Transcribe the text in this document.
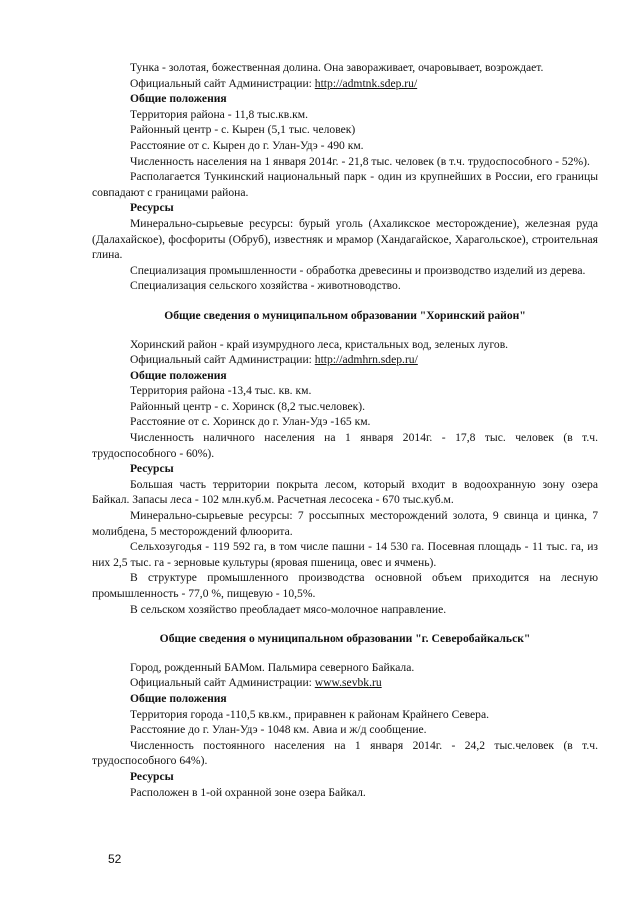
Тунка - золотая, божественная долина. Она завораживает, очаровывает, возрождает.

Официальный сайт Администрации: http://admtnk.sdep.ru/

Общие положения

Территория района - 11,8 тыс.кв.км.

Районный центр - с. Кырен (5,1 тыс. человек)

Расстояние от с. Кырен до г. Улан-Удэ - 490 км.

Численность населения на 1 января 2014г. - 21,8 тыс. человек (в т.ч. трудоспособного - 52%).

Располагается Тункинский национальный парк - один из крупнейших в России, его границы совпадают с границами района.

Ресурсы

Минерально-сырьевые ресурсы: бурый уголь (Ахаликское месторождение), железная руда (Далахайское), фосфориты (Обруб), известняк и мрамор (Хандагайское, Харагольское), строительная глина.

Специализация промышленности - обработка древесины и производство изделий из дерева.

Специализация сельского хозяйства - животноводство.

Общие сведения о муниципальном образовании "Хоринский район"

Хоринский район - край изумрудного леса, кристальных вод, зеленых лугов.

Официальный сайт Администрации: http://admhrn.sdep.ru/

Общие положения

Территория района -13,4 тыс. кв. км.

Районный центр - с. Хоринск (8,2 тыс.человек).

Расстояние от с. Хоринск до г. Улан-Удэ -165 км.

Численность наличного населения на 1 января 2014г. - 17,8 тыс. человек (в т.ч. трудоспособного - 60%).

Ресурсы

Большая часть территории покрыта лесом, который входит в водоохранную зону озера Байкал. Запасы леса - 102 млн.куб.м. Расчетная лесосека - 670 тыс.куб.м.

Минерально-сырьевые ресурсы: 7 россыпных месторождений золота, 9 свинца и цинка, 7 молибдена, 5 месторождений флюорита.

Сельхозугодья - 119 592 га, в том числе пашни - 14 530 га. Посевная площадь - 11 тыс. га, из них 2,5 тыс. га - зерновые культуры (яровая пшеница, овес и ячмень).

В структуре промышленного производства основной объем приходится на лесную промышленность - 77,0 %, пищевую - 10,5%.

В сельском хозяйство преобладает мясо-молочное направление.

Общие сведения о муниципальном образовании "г. Северобайкальск"

Город, рожденный БАМом. Пальмира северного Байкала.

Официальный сайт Администрации: www.sevbk.ru

Общие положения

Территория города -110,5 кв.км., приравнен к районам Крайнего Севера.

Расстояние до г. Улан-Удэ - 1048 км. Авиа и ж/д сообщение.

Численность постоянного населения на 1 января 2014г. - 24,2 тыс.человек (в т.ч. трудоспособного 64%).

Ресурсы

Расположен в 1-ой охранной зоне озера Байкал.

52
